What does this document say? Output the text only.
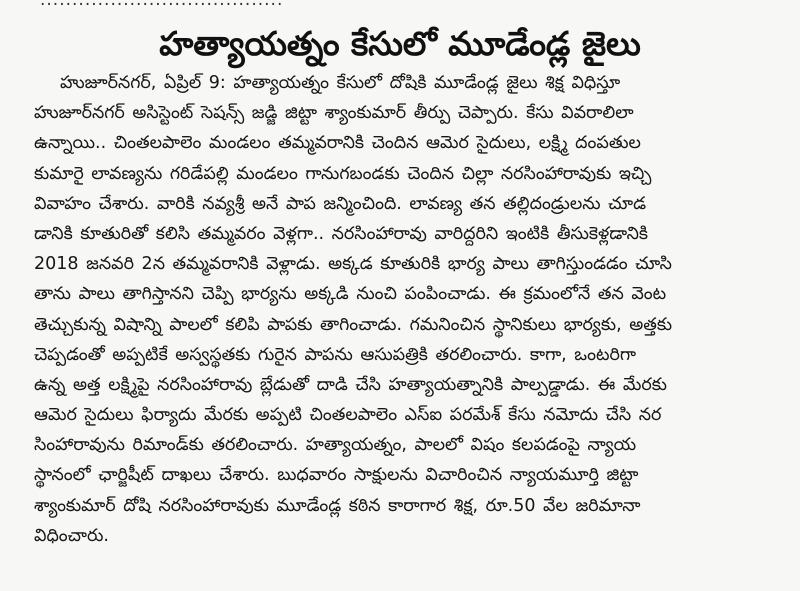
......................................
హత్యాయత్నం కేసులో మూడేండ్ల జైలు
హుజూర్‌నగర్, ఏప్రిల్ 9: హత్యాయత్నం కేసులో దోషికి మూడేండ్ల జైలు శిక్ష విధిస్తూ
హుజూర్‌నగర్ అసిస్టెంట్ సెషన్స్ జడ్జి జిట్టా శ్యాంకుమార్ తీర్పు చెప్పారు. కేసు వివరాలిలా
ఉన్నాయి.. చింతలపాలెం మండలం తమ్మవరానికి చెందిన ఆమెర సైదులు, లక్ష్మి దంపతుల
కుమారై లావణ్యను గరిడేపల్లి మండలం గానుగబండకు చెందిన చిల్లా నరసింహారావుకు ఇచ్చి
వివాహం చేశారు. వారికి నవ్యశ్రీ అనే పాప జన్మించింది. లావణ్య తన తల్లిదండ్రులను చూడ
డానికి కూతురితో కలిసి తమ్మవరం వెళ్లగా.. నరసింహారావు వారిద్దరిని ఇంటికి తీసుకెళ్లడానికి
2018 జనవరి 2న తమ్మవరానికి వెళ్లాడు. అక్కడ కూతురికి భార్య పాలు తాగిస్తుండడం చూసి
తాను పాలు తాగిస్తానని చెప్పి భార్యను అక్కడి నుంచి పంపించాడు. ఈ క్రమంలోనే తన వెంట
తెచ్చుకున్న విషాన్ని పాలలో కలిపి పాపకు తాగించాడు. గమనించిన స్థానికులు భార్యకు, అత్తకు
చెప్పడంతో అప్పటికే అస్వస్థతకు గురైన పాపను ఆసుపత్రికి తరలించారు. కాగా, ఒంటరిగా
ఉన్న అత్త లక్ష్మిపై నరసింహారావు బ్లేడుతో దాడి చేసి హత్యాయత్నానికి పాల్పడ్డాడు. ఈ మేరకు
ఆమెర సైదులు ఫిర్యాదు మేరకు అప్పటి చింతలపాలెం ఎస్ఐ పరమేశ్ కేసు నమోదు చేసి నర
సింహారావును రిమాండ్‌కు తరలించారు. హత్యాయత్నం, పాలలో విషం కలపడంపై న్యాయ
స్థానంలో ఛార్జిషీట్ దాఖలు చేశారు. బుధవారం సాక్షులను విచారించిన న్యాయమూర్తి జిట్టా
శ్యాంకుమార్ దోషి నరసింహారావుకు మూడేండ్ల కఠిన కారాగార శిక్ష, రూ.50 వేల జరిమానా
విధించారు.
